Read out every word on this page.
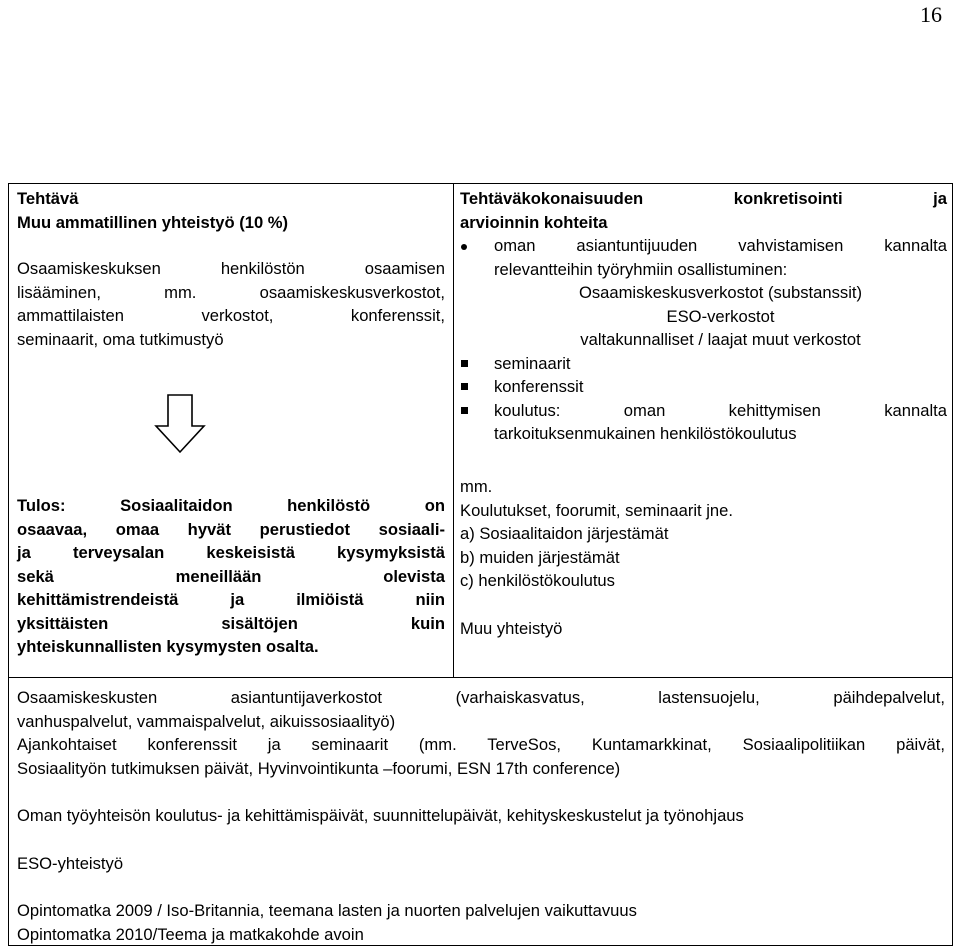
16

Tehtävä

Muu ammatillinen yhteistyö (10 %)

Osaamiskeskuksen henkilöstön osaamisen

lisääminen, mm. osaamiskeskusverkostot,

ammattilaisten verkostot, konferenssit,

seminaarit, oma tutkimustyö

Tulos: Sosiaalitaidon henkilöstö on

osaavaa, omaa hyvät perustiedot sosiaali-

ja terveysalan keskeisistä kysymyksistä

sekä meneillään olevista

kehittämistrendeistä ja ilmiöistä niin

yksittäisten sisältöjen kuin

yhteiskunnallisten kysymysten osalta.

Tehtäväkokonaisuuden konkretisointi ja

arvioinnin kohteita

oman asiantuntijuuden vahvistamisen kannalta

relevantteihin työryhmiin osallistuminen:

Osaamiskeskusverkostot (substanssit)

ESO-verkostot

valtakunnalliset / laajat muut verkostot

seminaarit

konferenssit

koulutus: oman kehittymisen kannalta

tarkoituksenmukainen henkilöstökoulutus

mm.

Koulutukset, foorumit, seminaarit jne.

a) Sosiaalitaidon järjestämät

b) muiden järjestämät

c) henkilöstökoulutus

Muu yhteistyö

Osaamiskeskusten asiantuntijaverkostot (varhaiskasvatus, lastensuojelu, päihdepalvelut,

vanhuspalvelut, vammaispalvelut, aikuissosiaalityö)

Ajankohtaiset konferenssit ja seminaarit (mm. TerveSos, Kuntamarkkinat, Sosiaalipolitiikan päivät,

Sosiaalityön tutkimuksen päivät, Hyvinvointikunta –foorumi, ESN 17th conference)

Oman työyhteisön koulutus- ja kehittämispäivät, suunnittelupäivät, kehityskeskustelut ja työnohjaus

ESO-yhteistyö

Opintomatka 2009 / Iso-Britannia, teemana lasten ja nuorten palvelujen vaikuttavuus

Opintomatka 2010/Teema ja matkakohde avoin
